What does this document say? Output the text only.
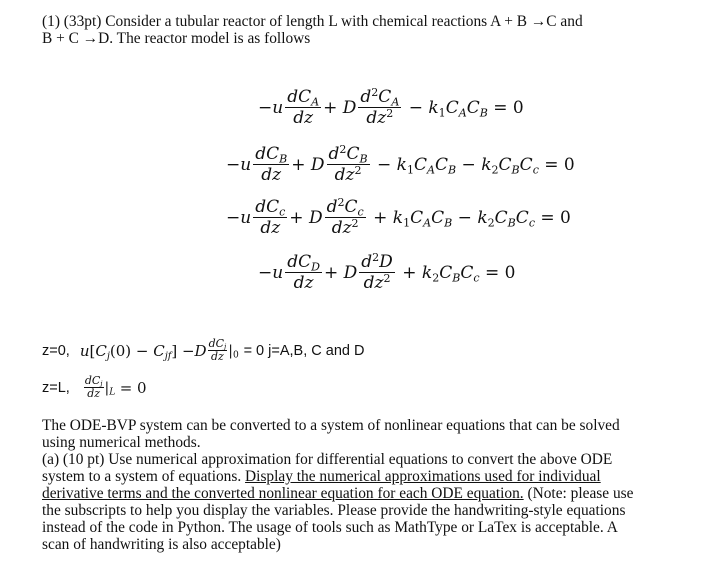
(1) (33pt) Consider a tubular reactor of length L with chemical reactions A + B →C and
B + C →D. The reactor model is as follows
$-u \frac{dC_A}{dz} + D \frac{d^2C_A}{dz^2} - k_1C_AC_B = 0$
$-u \frac{dC_B}{dz} + D \frac{d^2C_B}{dz^2} - k_1C_AC_B - k_2C_BC_c = 0$
$-u \frac{dC_c}{dz} + D \frac{d^2C_c}{dz^2} + k_1C_AC_B - k_2C_BC_c = 0$
$-u \frac{dC_D}{dz} + D \frac{d^2D}{dz^2} + k_2C_BC_c = 0$
z=0, $u[C_j(0) - C_{jf}] -D \frac{dC_j}{dz} |_0$
= 0 j=A,B, C and D
z=L, $\frac{dC_j}{dz} |_L = 0$
The ODE-BVP system can be converted to a system of nonlinear equations that can be solved
using numerical methods.
(a) (10 pt) Use numerical approximation for differential equations to convert the above ODE
system to a system of equations. Display the numerical approximations used for individual
derivative terms and the converted nonlinear equation for each ODE equation. (Note: please use
the subscripts to help you display the variables. Please provide the handwriting-style equations
instead of the code in Python. The usage of tools such as MathType or LaTex is acceptable. A
scan of handwriting is also acceptable)
